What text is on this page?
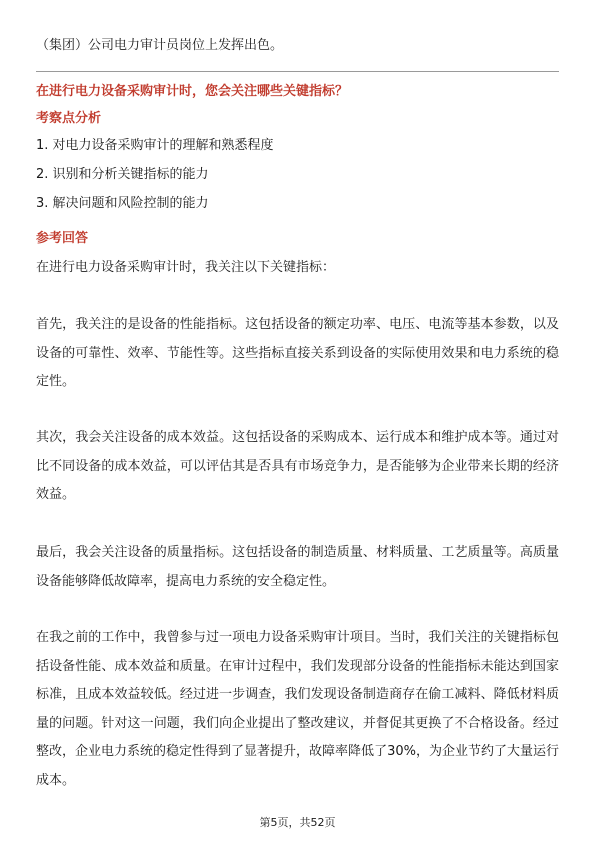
（集团）公司电力审计员岗位上发挥出色。

在进行电力设备采购审计时，您会关注哪些关键指标？

考察点分析

1. 对电力设备采购审计的理解和熟悉程度
2. 识别和分析关键指标的能力
3. 解决问题和风险控制的能力

参考回答

在进行电力设备采购审计时，我关注以下关键指标：

首先，我关注的是设备的性能指标。这包括设备的额定功率、电压、电流等基本参数，以及设备的可靠性、效率、节能性等。这些指标直接关系到设备的实际使用效果和电力系统的稳定性。

其次，我会关注设备的成本效益。这包括设备的采购成本、运行成本和维护成本等。通过对比不同设备的成本效益，可以评估其是否具有市场竞争力，是否能够为企业带来长期的经济效益。

最后，我会关注设备的质量指标。这包括设备的制造质量、材料质量、工艺质量等。高质量设备能够降低故障率，提高电力系统的安全稳定性。

在我之前的工作中，我曾参与过一项电力设备采购审计项目。当时，我们关注的关键指标包括设备性能、成本效益和质量。在审计过程中，我们发现部分设备的性能指标未能达到国家标准，且成本效益较低。经过进一步调查，我们发现设备制造商存在偷工减料、降低材料质量的问题。针对这一问题，我们向企业提出了整改建议，并督促其更换了不合格设备。经过整改，企业电力系统的稳定性得到了显著提升，故障率降低了30%，为企业节约了大量运行成本。

第5页，共52页
